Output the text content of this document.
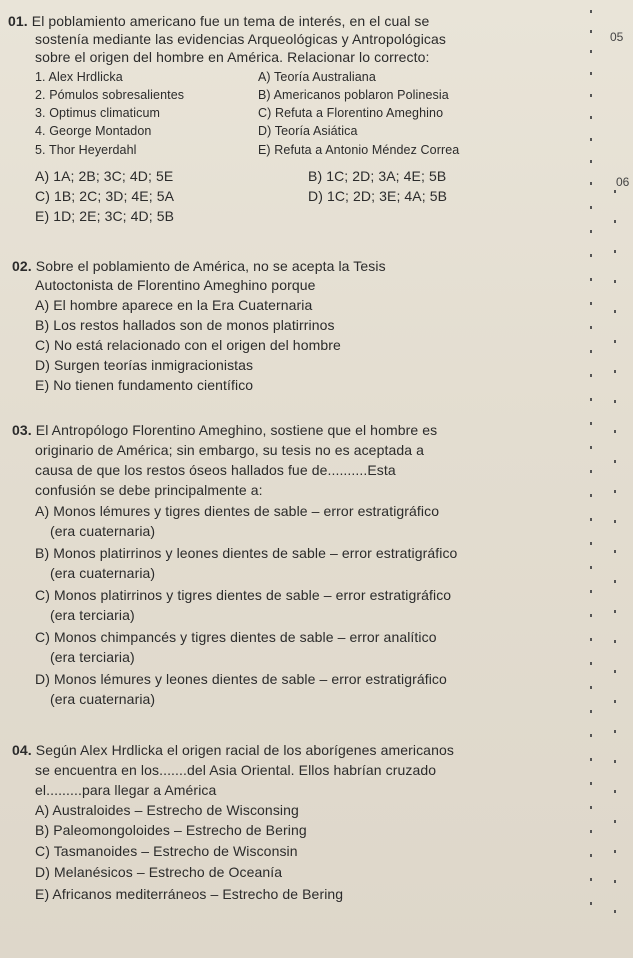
05
06
01. El poblamiento americano fue un tema de interés, en el cual se
sostenía mediante las evidencias Arqueológicas y Antropológicas
sobre el origen del hombre en América. Relacionar lo correcto:
1. Alex Hrdlicka
2. Pómulos sobresalientes
3. Optimus climaticum
4. George Montadon
5. Thor Heyerdahl
A) Teoría Australiana
B) Americanos poblaron Polinesia
C) Refuta a Florentino Ameghino
D) Teoría Asiática
E) Refuta a Antonio Méndez Correa
A) 1A; 2B; 3C; 4D; 5E	B) 1C; 2D; 3A; 4E; 5B
C) 1B; 2C; 3D; 4E; 5A	D) 1C; 2D; 3E; 4A; 5B
E) 1D; 2E; 3C; 4D; 5B
02. Sobre el poblamiento de América, no se acepta la Tesis
Autoctonista de Florentino Ameghino porque
A) El hombre aparece en la Era Cuaternaria
B) Los restos hallados son de monos platirrinos
C) No está relacionado con el origen del hombre
D) Surgen teorías inmigracionistas
E) No tienen fundamento científico
03. El Antropólogo Florentino Ameghino, sostiene que el hombre es
originario de América; sin embargo, su tesis no es aceptada a
causa de que los restos óseos hallados fue de..........Esta
confusión se debe principalmente a:
A) Monos lémures y tigres dientes de sable – error estratigráfico
(era cuaternaria)
B) Monos platirrinos y leones dientes de sable – error estratigráfico
(era cuaternaria)
C) Monos platirrinos y tigres dientes de sable – error estratigráfico
(era terciaria)
C) Monos chimpancés y tigres dientes de sable – error analítico
(era terciaria)
D) Monos lémures y leones dientes de sable – error estratigráfico
(era cuaternaria)
04. Según Alex Hrdlicka el origen racial de los aborígenes americanos
se encuentra en los.......del Asia Oriental. Ellos habrían cruzado
el.........para llegar a América
A) Australoides – Estrecho de Wisconsing
B) Paleomongoloides – Estrecho de Bering
C) Tasmanoides – Estrecho de Wisconsin
D) Melanésicos – Estrecho de Oceanía
E) Africanos mediterráneos – Estrecho de Bering
